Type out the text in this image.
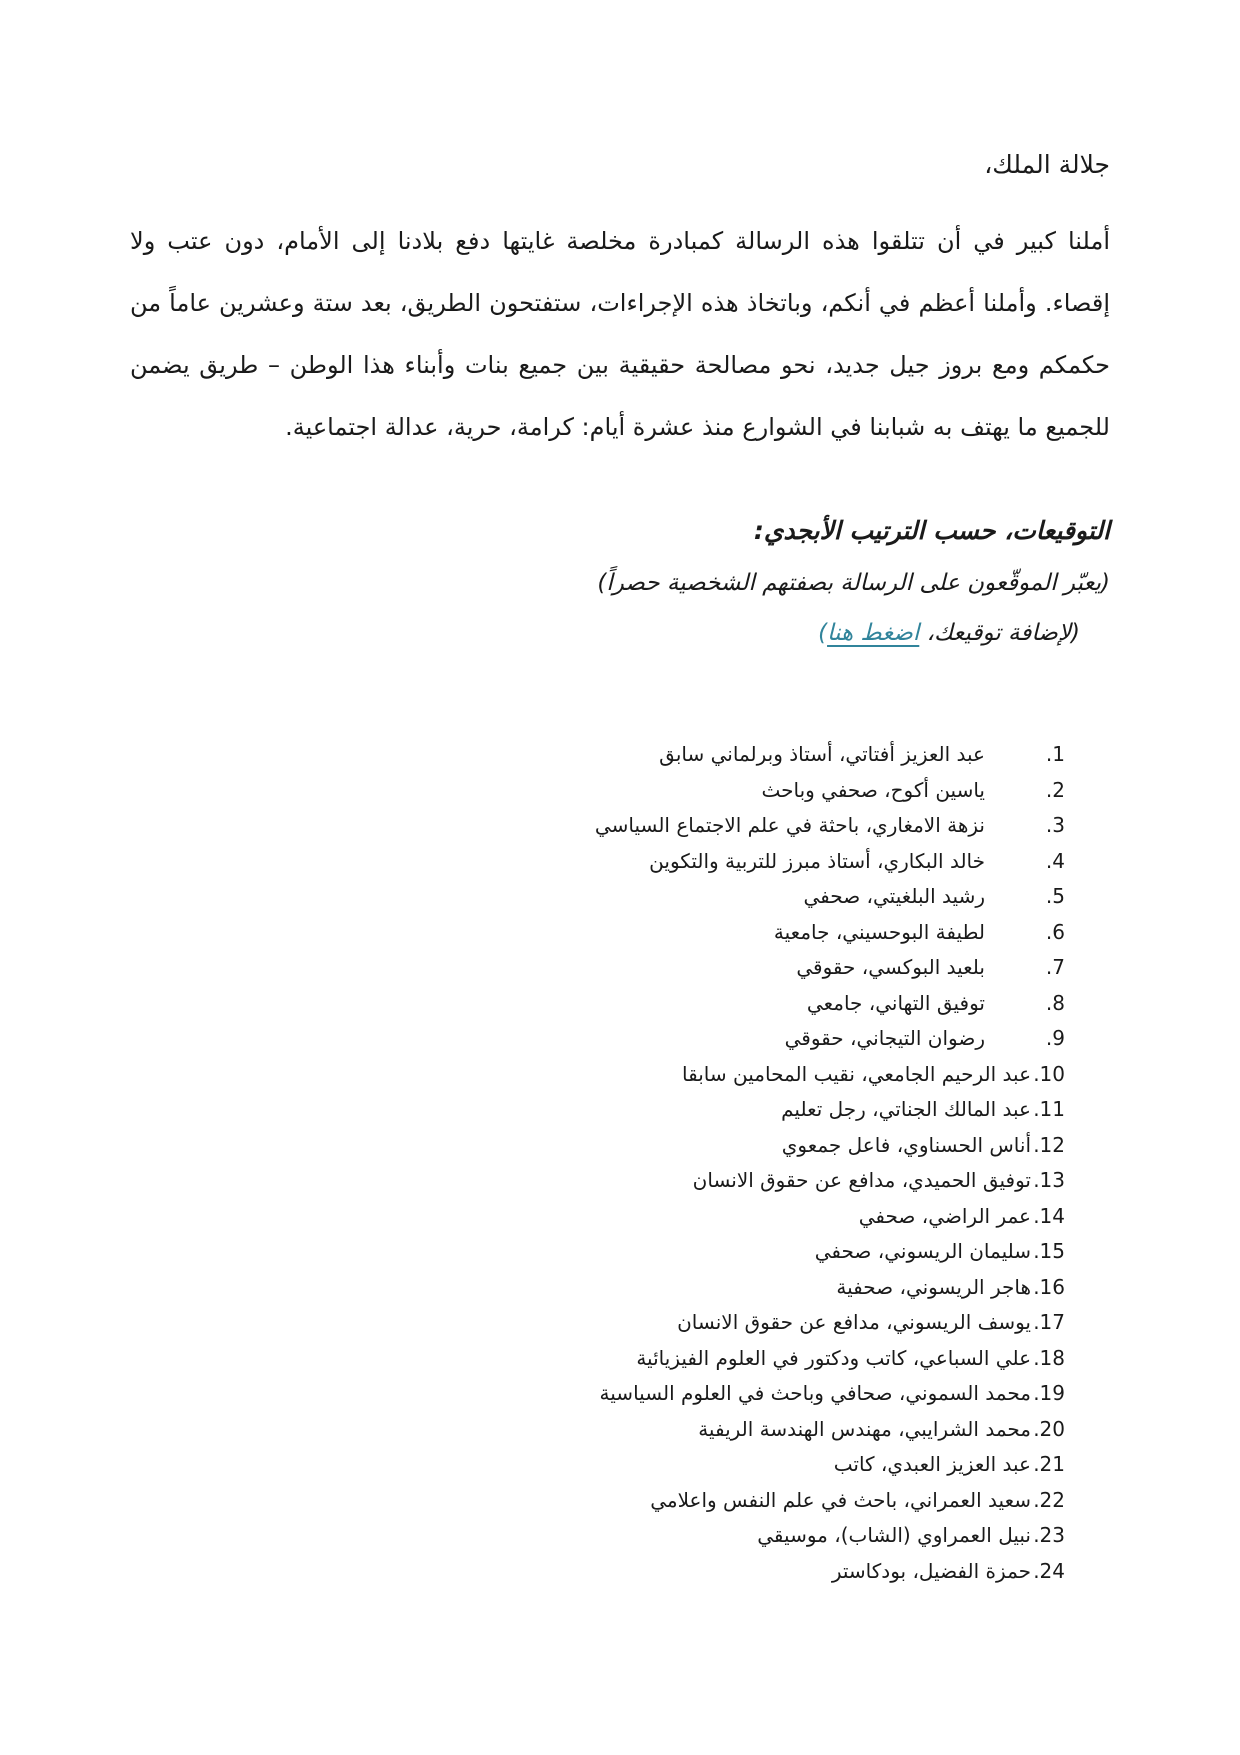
جلالة الملك،
أملنا كبير في أن تتلقوا هذه الرسالة كمبادرة مخلصة غايتها دفع بلادنا إلى الأمام، دون عتب ولا إقصاء. وأملنا أعظم في أنكم، وباتخاذ هذه الإجراءات، ستفتحون الطريق، بعد ستة وعشرين عاماً من حكمكم ومع بروز جيل جديد، نحو مصالحة حقيقية بين جميع بنات وأبناء هذا الوطن – طريق يضمن للجميع ما يهتف به شبابنا في الشوارع منذ عشرة أيام: كرامة، حرية، عدالة اجتماعية.
التوقيعات، حسب الترتيب الأبجدي:
(يعبّر الموقّعون على الرسالة بصفتهم الشخصية حصراً)
(لإضافة توقيعك، اضغط هنا)
.1
عبد العزيز أفتاتي، أستاذ وبرلماني سابق
.2
ياسين أكوح، صحفي وباحث
.3
نزهة الامغاري، باحثة في علم الاجتماع السياسي
.4
خالد البكاري، أستاذ مبرز للتربية والتكوين
.5
رشيد البلغيتي، صحفي
.6
لطيفة البوحسيني، جامعية
.7
بلعيد البوكسي، حقوقي
.8
توفيق التهاني، جامعي
.9
رضوان التيجاني، حقوقي
.10
عبد الرحيم الجامعي، نقيب المحامين سابقا
.11
عبد المالك الجناتي، رجل تعليم
.12
أناس الحسناوي، فاعل جمعوي
.13
توفيق الحميدي، مدافع عن حقوق الانسان
.14
عمر الراضي، صحفي
.15
سليمان الريسوني، صحفي
.16
هاجر الريسوني، صحفية
.17
يوسف الريسوني، مدافع عن حقوق الانسان
.18
علي السباعي، كاتب ودكتور في العلوم الفيزيائية
.19
محمد السموني، صحافي وباحث في العلوم السياسية
.20
محمد الشرايبي، مهندس الهندسة الريفية
.21
عبد العزيز العبدي، كاتب
.22
سعيد العمراني، باحث في علم النفس واعلامي
.23
نبيل العمراوي (الشاب)، موسيقي
.24
حمزة الفضيل، بودكاستر
